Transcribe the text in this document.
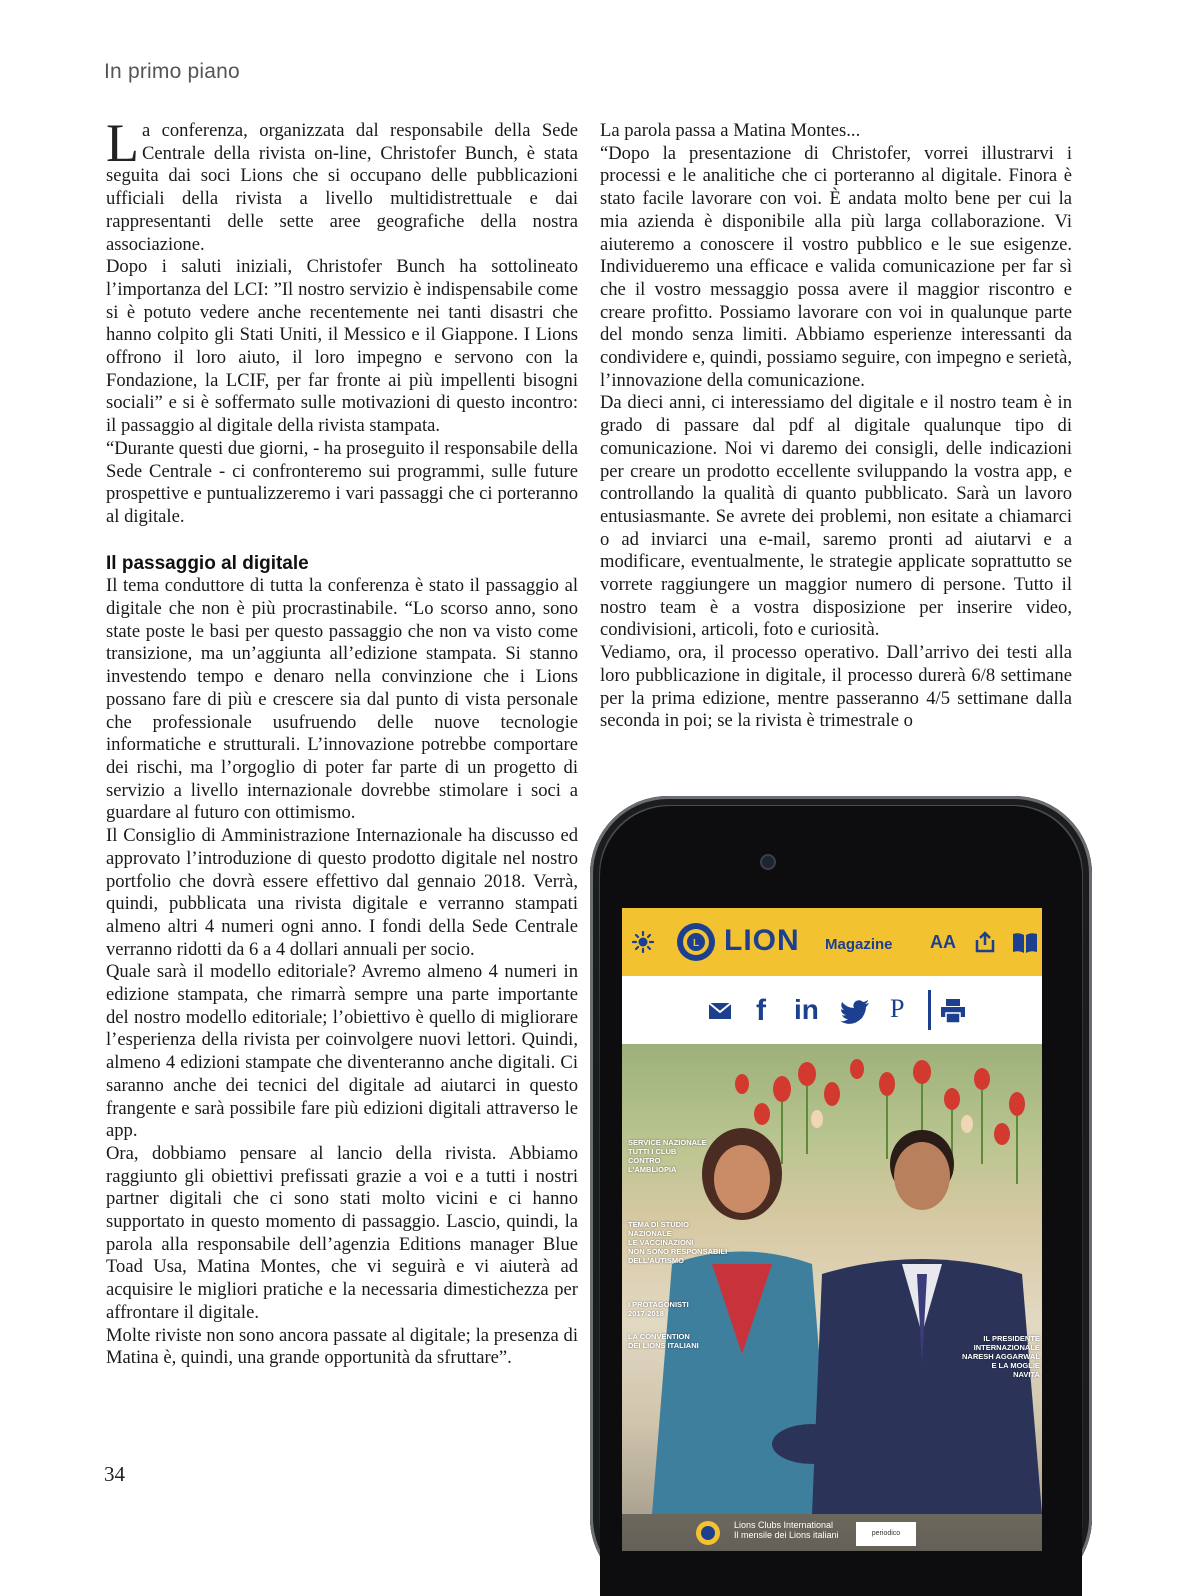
In primo piano

La conferenza, organizzata dal responsabile della Sede Centrale della rivista on-line, Christofer Bunch, è stata seguita dai soci Lions che si occupano delle pubblicazioni ufficiali della rivista a livello multidistrettuale e dai rappresentanti delle sette aree geografiche della nostra associazione.

Dopo i saluti iniziali, Christofer Bunch ha sottolineato l’importanza del LCI: ”Il nostro servizio è indispensabile come si è potuto vedere anche recentemente nei tanti disastri che hanno colpito gli Stati Uniti, il Messico e il Giappone. I Lions offrono il loro aiuto, il loro impegno e servono con la Fondazione, la LCIF, per far fronte ai più impellenti bisogni sociali” e si è soffermato sulle motivazioni di questo incontro: il passaggio al digitale della rivista stampata.

“Durante questi due giorni, - ha proseguito il responsabile della Sede Centrale - ci confronteremo sui programmi, sulle future prospettive e puntualizzeremo i vari passaggi che ci porteranno al digitale.

Il passaggio al digitale

Il tema conduttore di tutta la conferenza è stato il passaggio al digitale che non è più procrastinabile. “Lo scorso anno, sono state poste le basi per questo passaggio che non va visto come transizione, ma un’aggiunta all’edizione stampata. Si stanno investendo tempo e denaro nella convinzione che i Lions possano fare di più e crescere sia dal punto di vista personale che professionale usufruendo delle nuove tecnologie informatiche e strutturali. L’innovazione potrebbe comportare dei rischi, ma l’orgoglio di poter far parte di un progetto di servizio a livello internazionale dovrebbe stimolare i soci a guardare al futuro con ottimismo.

Il Consiglio di Amministrazione Internazionale ha discusso ed approvato l’introduzione di questo prodotto digitale nel nostro portfolio che dovrà essere effettivo dal gennaio 2018. Verrà, quindi, pubblicata una rivista digitale e verranno stampati almeno altri 4 numeri ogni anno. I fondi della Sede Centrale verranno ridotti da 6 a 4 dollari annuali per socio.

Quale sarà il modello editoriale? Avremo almeno 4 numeri in edizione stampata, che rimarrà sempre una parte importante del nostro modello editoriale; l’obiettivo è quello di migliorare l’esperienza della rivista per coinvolgere nuovi lettori. Quindi, almeno 4 edizioni stampate che diventeranno anche digitali. Ci saranno anche dei tecnici del digitale ad aiutarci in questo frangente e sarà possibile fare più edizioni digitali attraverso le app.

Ora, dobbiamo pensare al lancio della rivista. Abbiamo raggiunto gli obiettivi prefissati grazie a voi e a tutti i nostri partner digitali che ci sono stati molto vicini e ci hanno supportato in questo momento di passaggio. Lascio, quindi, la parola alla responsabile dell’agenzia Editions manager Blue Toad Usa, Matina Montes, che vi seguirà e vi aiuterà ad acquisire le migliori pratiche e la necessaria dimestichezza per affrontare il digitale.

Molte riviste non sono ancora passate al digitale; la presenza di Matina è, quindi, una grande opportunità da sfruttare”.

La parola passa a Matina Montes...

“Dopo la presentazione di Christofer, vorrei illustrarvi i processi e le analitiche che ci porteranno al digitale. Finora è stato facile lavorare con voi. È andata molto bene per cui la mia azienda è disponibile alla più larga collaborazione. Vi aiuteremo a conoscere il vostro pubblico e le sue esigenze. Individueremo una efficace e valida comunicazione per far sì che il vostro messaggio possa avere il maggior riscontro e creare profitto. Possiamo lavorare con voi in qualunque parte del mondo senza limiti. Abbiamo esperienze interessanti da condividere e, quindi, possiamo seguire, con impegno e serietà, l’innovazione della comunicazione.

Da dieci anni, ci interessiamo del digitale e il nostro team è in grado di passare dal pdf al digitale qualunque tipo di comunicazione. Noi vi daremo dei consigli, delle indicazioni per creare un prodotto eccellente sviluppando la vostra app, e controllando la qualità di quanto pubblicato. Sarà un lavoro entusiasmante. Se avrete dei problemi, non esitate a chiamarci o ad inviarci una e-mail, saremo pronti ad aiutarvi e a modificare, eventualmente, le strategie applicate soprattutto se vorrete raggiungere un maggior numero di persone. Tutto il nostro team è a vostra disposizione per inserire video, condivisioni, articoli, foto e curiosità.

Vediamo, ora, il processo operativo. Dall’arrivo dei testi alla loro pubblicazione in digitale, il processo durerà 6/8 settimane per la prima edizione, mentre passeranno 4/5 settimane dalla seconda in poi; se la rivista è trimestrale o

34
L LION Magazine AA
f in	P
SERVICE NAZIONALE
TUTTI I CLUB
CONTRO
L'AMBLIOPIA
TEMA DI STUDIO
NAZIONALE
LE VACCINAZIONI
NON SONO RESPONSABILI
DELL'AUTISMO
I PROTAGONISTI
2017-2018
LA CONVENTION
DEI LIONS ITALIANI
IL PRESIDENTE
INTERNAZIONALE
NARESH AGGARWAL
E LA MOGLIE
NAVITA
Lions Clubs International
Il mensile dei Lions italiani	periodico
